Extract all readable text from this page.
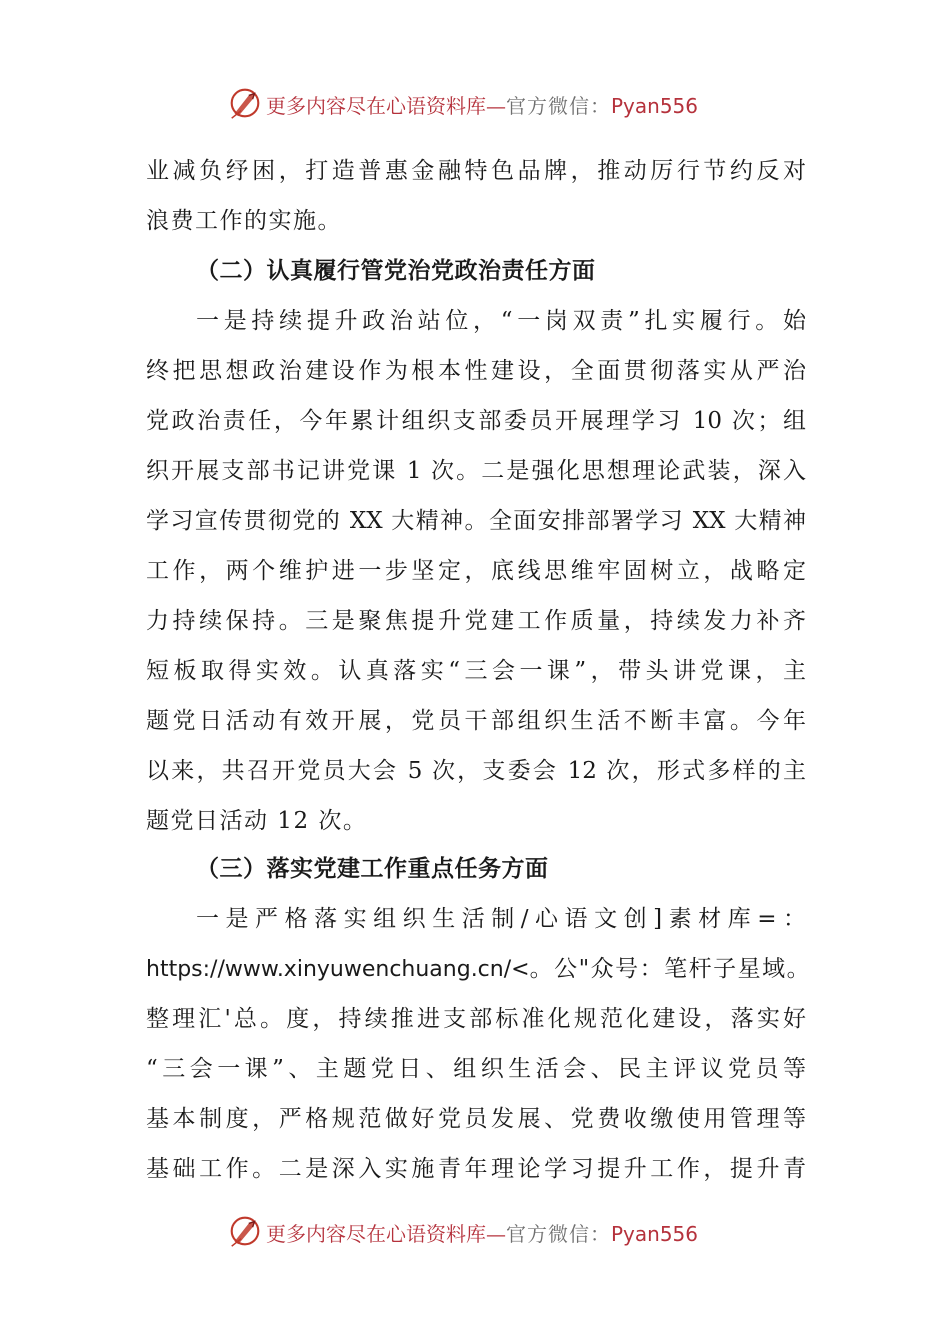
更多内容尽在心语资料库—官方微信：Pyan556
业减负纾困，打造普惠金融特色品牌，推动厉行节约反对
浪费工作的实施。
（二）认真履行管党治党政治责任方面
一是持续提升政治站位，“一岗双责”扎实履行。始
终把思想政治建设作为根本性建设，全面贯彻落实从严治
党政治责任，今年累计组织支部委员开展理学习 10 次；组
织开展支部书记讲党课 1 次。二是强化思想理论武装，深入
学习宣传贯彻党的 XX 大精神。全面安排部署学习 XX 大精神
工作，两个维护进一步坚定，底线思维牢固树立，战略定
力持续保持。三是聚焦提升党建工作质量，持续发力补齐
短板取得实效。认真落实“三会一课”，带头讲党课，主
题党日活动有效开展，党员干部组织生活不断丰富。今年
以来，共召开党员大会 5 次，支委会 12 次，形式多样的主
题党日活动 12 次。
（三）落实党建工作重点任务方面
一是严格落实组织生活制/心语文创]素材库=：
https://www.xinyuwenchuang.cn/<。公"众号：笔杆子星域。
整理汇'总。度，持续推进支部标准化规范化建设，落实好
“三会一课”、主题党日、组织生活会、民主评议党员等
基本制度，严格规范做好党员发展、党费收缴使用管理等
基础工作。二是深入实施青年理论学习提升工作，提升青
更多内容尽在心语资料库—官方微信：Pyan556
